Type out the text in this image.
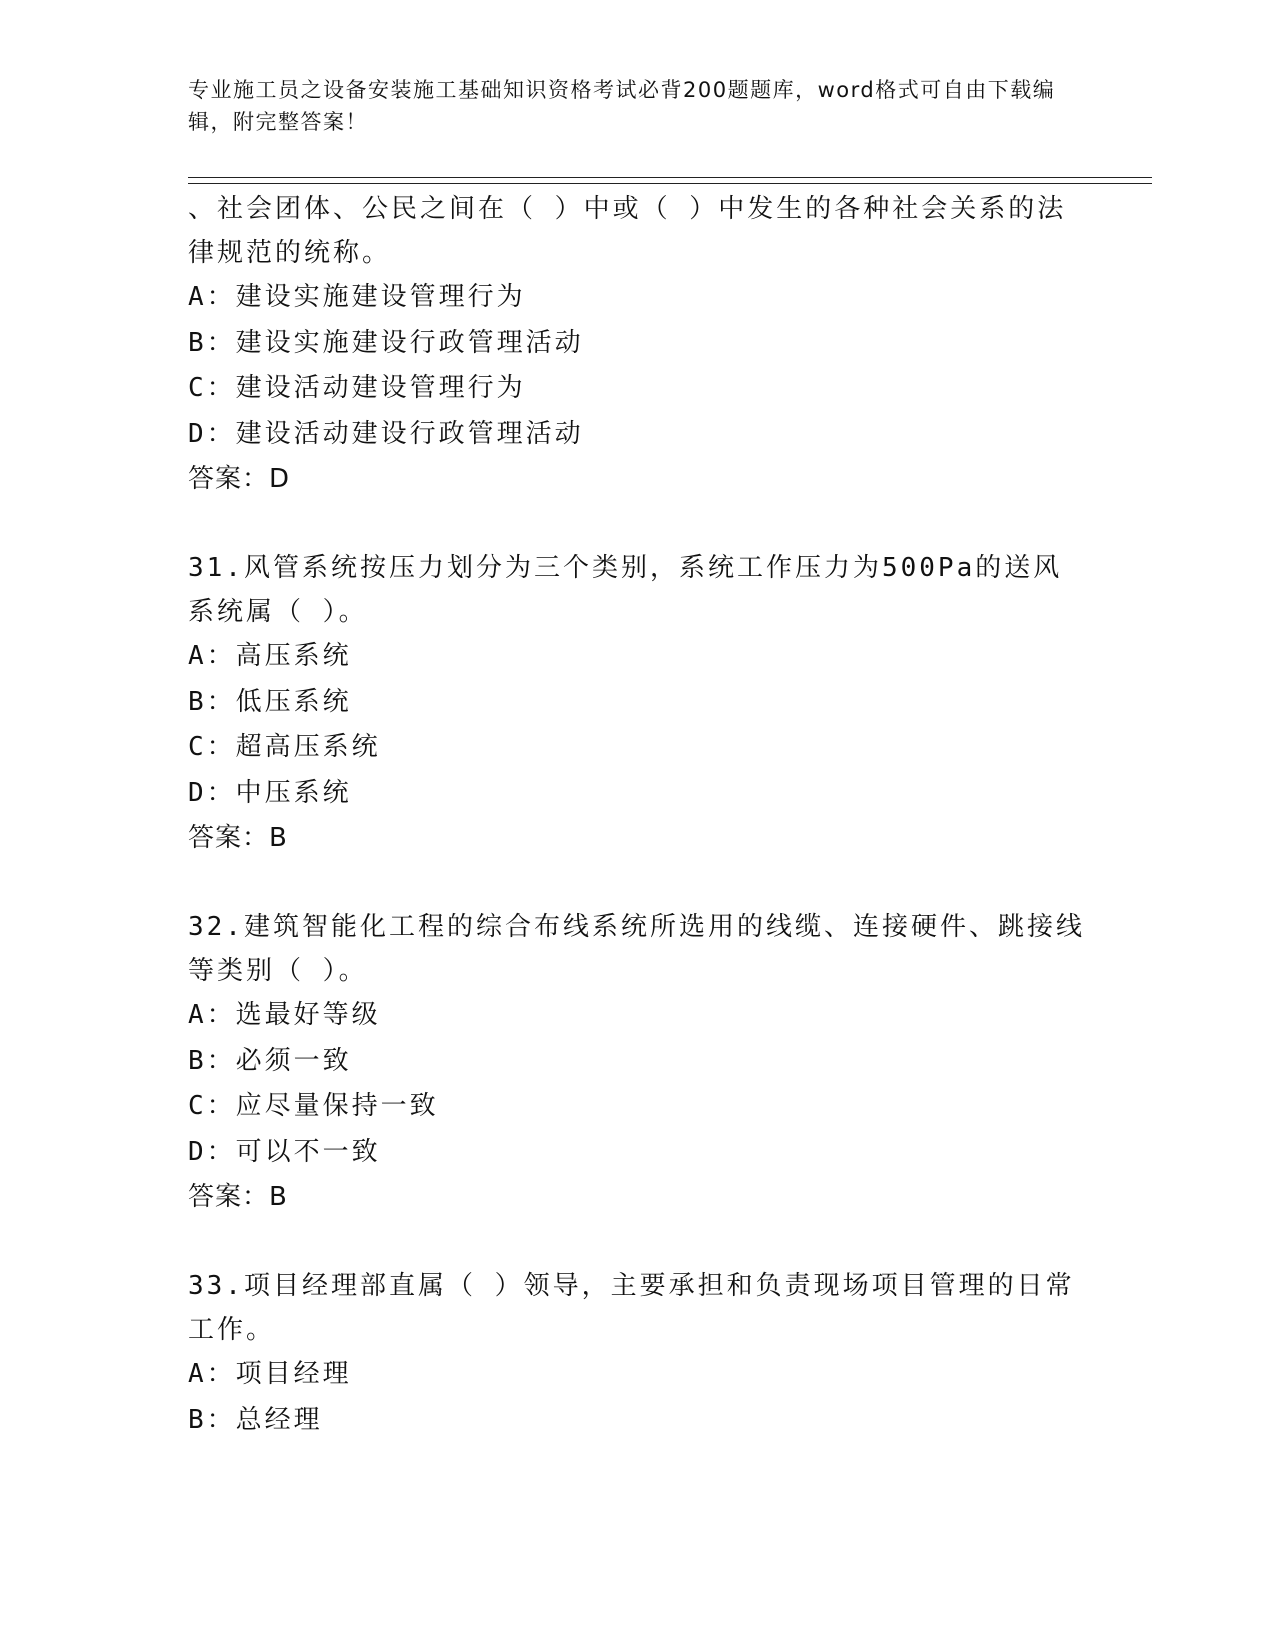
专业施工员之设备安装施工基础知识资格考试必背200题题库，word格式可自由下载编辑，附完整答案！
、社会团体、公民之间在（ ）中或（ ）中发生的各种社会关系的法律规范的统称。
A：建设实施建设管理行为
B：建设实施建设行政管理活动
C：建设活动建设管理行为
D：建设活动建设行政管理活动
答案：D
31.风管系统按压力划分为三个类别，系统工作压力为500Pa的送风系统属（ ）。
A：高压系统
B：低压系统
C：超高压系统
D：中压系统
答案：B
32.建筑智能化工程的综合布线系统所选用的线缆、连接硬件、跳接线等类别（ ）。
A：选最好等级
B：必须一致
C：应尽量保持一致
D：可以不一致
答案：B
33.项目经理部直属（ ）领导，主要承担和负责现场项目管理的日常工作。
A：项目经理
B：总经理
